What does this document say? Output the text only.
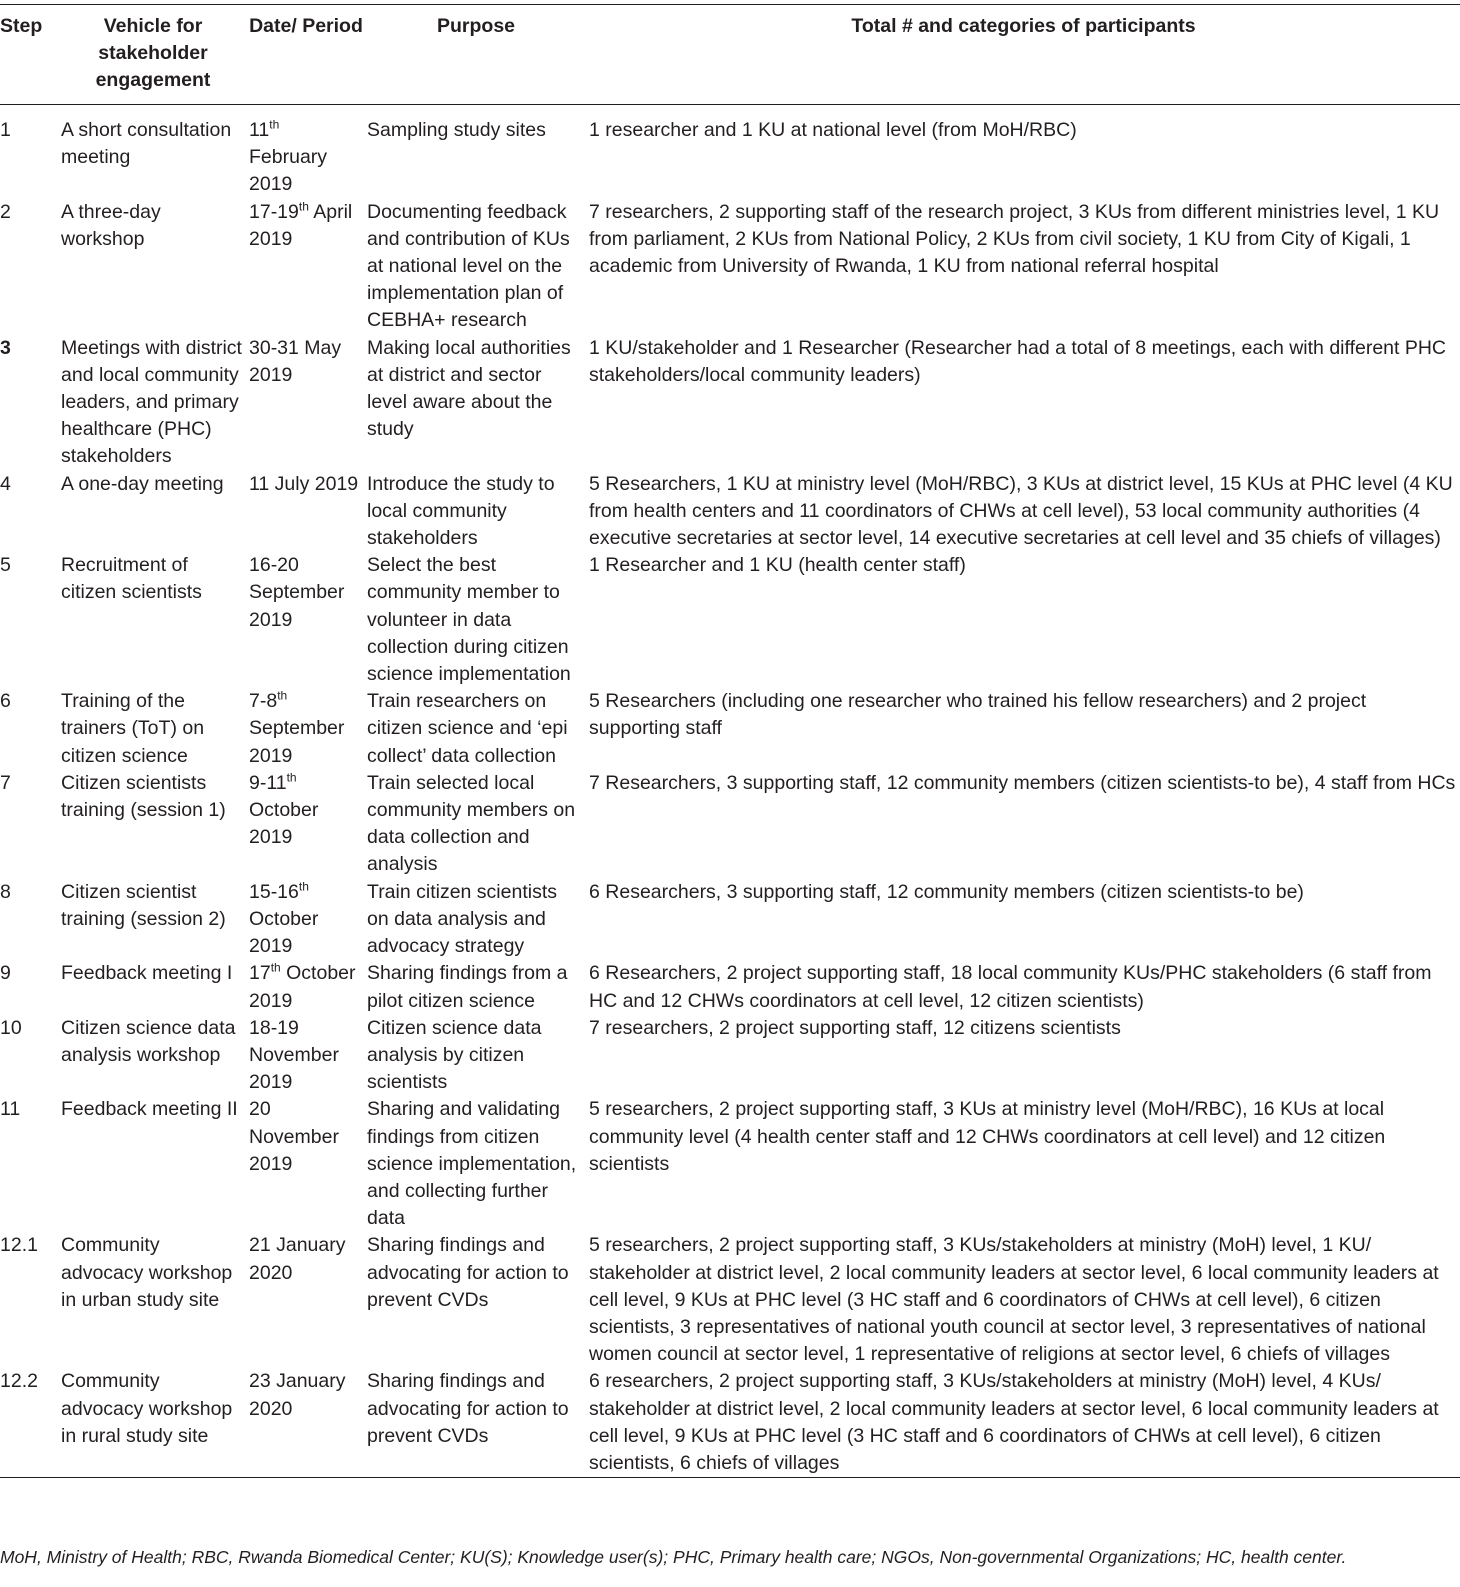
Step	Vehicle for stakeholder engagement	Date/ Period	Purpose	Total # and categories of participants
1	A short consultation meeting	11th February 2019	Sampling study sites	1 researcher and 1 KU at national level (from MoH/RBC)
2	A three-day workshop	17-19th April 2019	Documenting feedback and contribution of KUs at national level on the implementation plan of CEBHA+ research	7 researchers, 2 supporting staff of the research project, 3 KUs from different ministries level, 1 KU from parliament, 2 KUs from National Policy, 2 KUs from civil society, 1 KU from City of Kigali, 1 academic from University of Rwanda, 1 KU from national referral hospital
3	Meetings with district and local community leaders, and primary healthcare (PHC) stakeholders	30-31 May 2019	Making local authorities at district and sector level aware about the study	1 KU/stakeholder and 1 Researcher (Researcher had a total of 8 meetings, each with different PHC stakeholders/local community leaders)
4	A one-day meeting	11 July 2019	Introduce the study to local community stakeholders	5 Researchers, 1 KU at ministry level (MoH/RBC), 3 KUs at district level, 15 KUs at PHC level (4 KU from health centers and 11 coordinators of CHWs at cell level), 53 local community authorities (4 executive secretaries at sector level, 14 executive secretaries at cell level and 35 chiefs of villages)
5	Recruitment of citizen scientists	16-20 September 2019	Select the best community member to volunteer in data collection during citizen science implementation	1 Researcher and 1 KU (health center staff)
6	Training of the trainers (ToT) on citizen science	7-8th September 2019	Train researchers on citizen science and ‘epi collect’ data collection	5 Researchers (including one researcher who trained his fellow researchers) and 2 project supporting staff
7	Citizen scientists training (session 1)	9-11th October 2019	Train selected local community members on data collection and analysis	7 Researchers, 3 supporting staff, 12 community members (citizen scientists-to be), 4 staff from HCs
8	Citizen scientist training (session 2)	15-16th October 2019	Train citizen scientists on data analysis and advocacy strategy	6 Researchers, 3 supporting staff, 12 community members (citizen scientists-to be)
9	Feedback meeting I	17th October 2019	Sharing findings from a pilot citizen science	6 Researchers, 2 project supporting staff, 18 local community KUs/PHC stakeholders (6 staff from HC and 12 CHWs coordinators at cell level, 12 citizen scientists)
10	Citizen science data analysis workshop	18-19 November 2019	Citizen science data analysis by citizen scientists	7 researchers, 2 project supporting staff, 12 citizens scientists
11	Feedback meeting II	20 November 2019	Sharing and validating findings from citizen science implementation, and collecting further data	5 researchers, 2 project supporting staff, 3 KUs at ministry level (MoH/RBC), 16 KUs at local community level (4 health center staff and 12 CHWs coordinators at cell level) and 12 citizen scientists
12.1	Community advocacy workshop in urban study site	21 January 2020	Sharing findings and advocating for action to prevent CVDs	5 researchers, 2 project supporting staff, 3 KUs/stakeholders at ministry (MoH) level, 1 KU/ stakeholder at district level, 2 local community leaders at sector level, 6 local community leaders at cell level, 9 KUs at PHC level (3 HC staff and 6 coordinators of CHWs at cell level), 6 citizen scientists, 3 representatives of national youth council at sector level, 3 representatives of national women council at sector level, 1 representative of religions at sector level, 6 chiefs of villages
12.2	Community advocacy workshop in rural study site	23 January 2020	Sharing findings and advocating for action to prevent CVDs	6 researchers, 2 project supporting staff, 3 KUs/stakeholders at ministry (MoH) level, 4 KUs/ stakeholder at district level, 2 local community leaders at sector level, 6 local community leaders at cell level, 9 KUs at PHC level (3 HC staff and 6 coordinators of CHWs at cell level), 6 citizen scientists, 6 chiefs of villages
MoH, Ministry of Health; RBC, Rwanda Biomedical Center; KU(S); Knowledge user(s); PHC, Primary health care; NGOs, Non-governmental Organizations; HC, health center.
